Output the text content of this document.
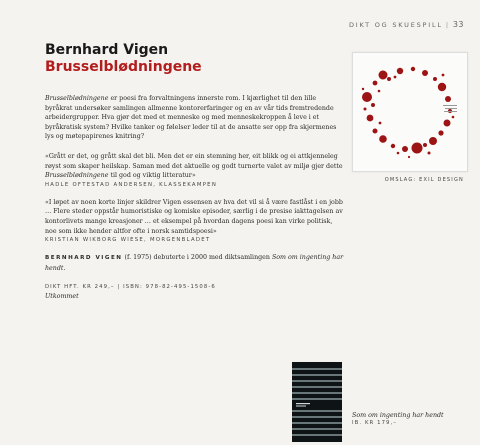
DIKT OG SKUESPILL | 33
Bernhard Vigen
Brusselblødningene

Brusselblødningene er poesi fra forvaltningens innerste rom. I kjærlighet til den lille byråkrat undersøker samlingen allmenne kontorerfaringer og en av vår tids fremtredende arbeidergrupper. Hva gjør det med et menneske og med menneskekroppen å leve i et byråkratisk system? Hvilke tanker og følelser leder til at de ansatte ser opp fra skjermenes lys og møtepapirenes knitring?

«Grått er det, og grått skal det bli. Men det er ein stemning her, eit blikk og ei attkjenneleg røyst som skaper heilskap. Saman med det aktuelle og godt turnerte valet av miljø gjer dette Brusselblødningene til god og viktig litteratur»

HADLE OFTESTAD ANDERSEN, KLASSEKAMPEN

«I løpet av noen korte linjer skildrer Vigen essensen av hva det vil si å være fastlåst i en jobb … Flere steder oppstår humoristiske og komiske episoder, særlig i de presise iakttagelsen av kontorlivets mange kreasjoner … et eksempel på hvordan dagens poesi kan virke politisk, noe som ikke hender altfor ofte i norsk samtidspoesi»

KRISTIAN WIKBORG WIESE, MORGENBLADET

BERNHARD VIGEN (f. 1975) debuterte i 2000 med diktsamlingen Som om ingenting har hendt.

DIKT HFT. KR 249,– | ISBN: 978-82-495-1508-6

Utkommet

OMSLAG: EXIL DESIGN

Som om ingenting har hendt

IB. KR 179,–
